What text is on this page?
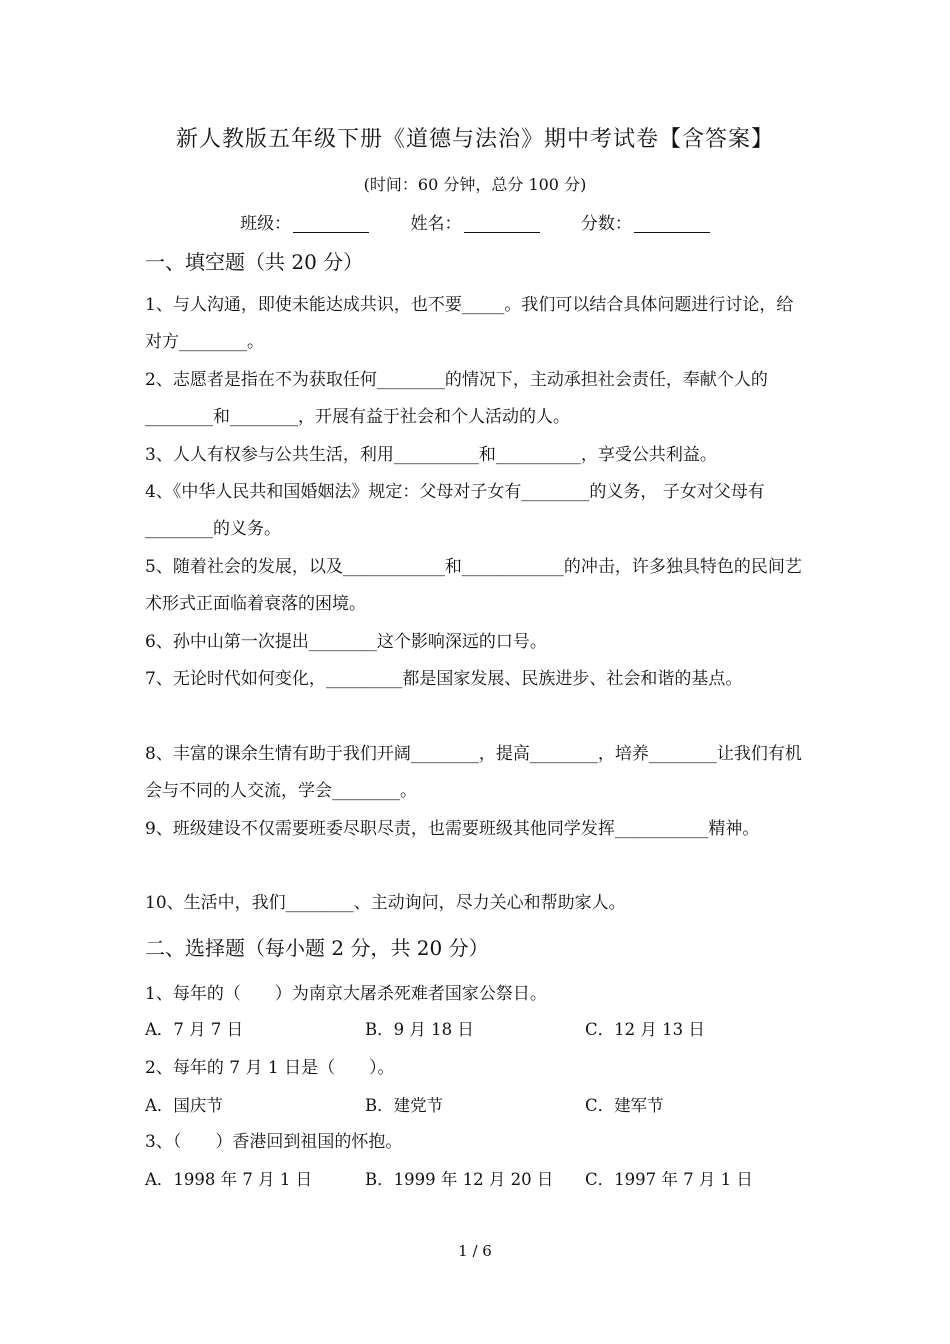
新人教版五年级下册《道德与法治》期中考试卷【含答案】
(时间：60 分钟，总分 100 分)
班级：	姓名：	分数：
一、填空题（共 20 分）
1、与人沟通，即使未能达成共识，也不要_____。我们可以结合具体问题进行讨论，给对方________。
2、志愿者是指在不为获取任何________的情况下，主动承担社会责任，奉献个人的________和________，开展有益于社会和个人活动的人。
3、人人有权参与公共生活，利用__________和__________，享受公共利益。
4、《中华人民共和国婚姻法》规定：父母对子女有________的义务， 子女对父母有________的义务。
5、随着社会的发展，以及____________和____________的冲击，许多独具特色的民间艺术形式正面临着衰落的困境。
6、孙中山第一次提出________这个影响深远的口号。
7、无论时代如何变化，_________都是国家发展、民族进步、社会和谐的基点。
8、丰富的课余生情有助于我们开阔________，提高________，培养________让我们有机会与不同的人交流，学会________。
9、班级建设不仅需要班委尽职尽责，也需要班级其他同学发挥___________精神。
10、生活中，我们________、主动询问，尽力关心和帮助家人。
二、选择题（每小题 2 分，共 20 分）
1、每年的（　　）为南京大屠杀死难者国家公祭日。
A．7 月 7 日	B．9 月 18 日	C．12 月 13 日
2、每年的 7 月 1 日是（　　）。
A．国庆节	B．建党节	C．建军节
3、（　　）香港回到祖国的怀抱。
A．1998 年 7 月 1 日	B．1999 年 12 月 20 日 C．1997 年 7 月 1 日
1 / 6
